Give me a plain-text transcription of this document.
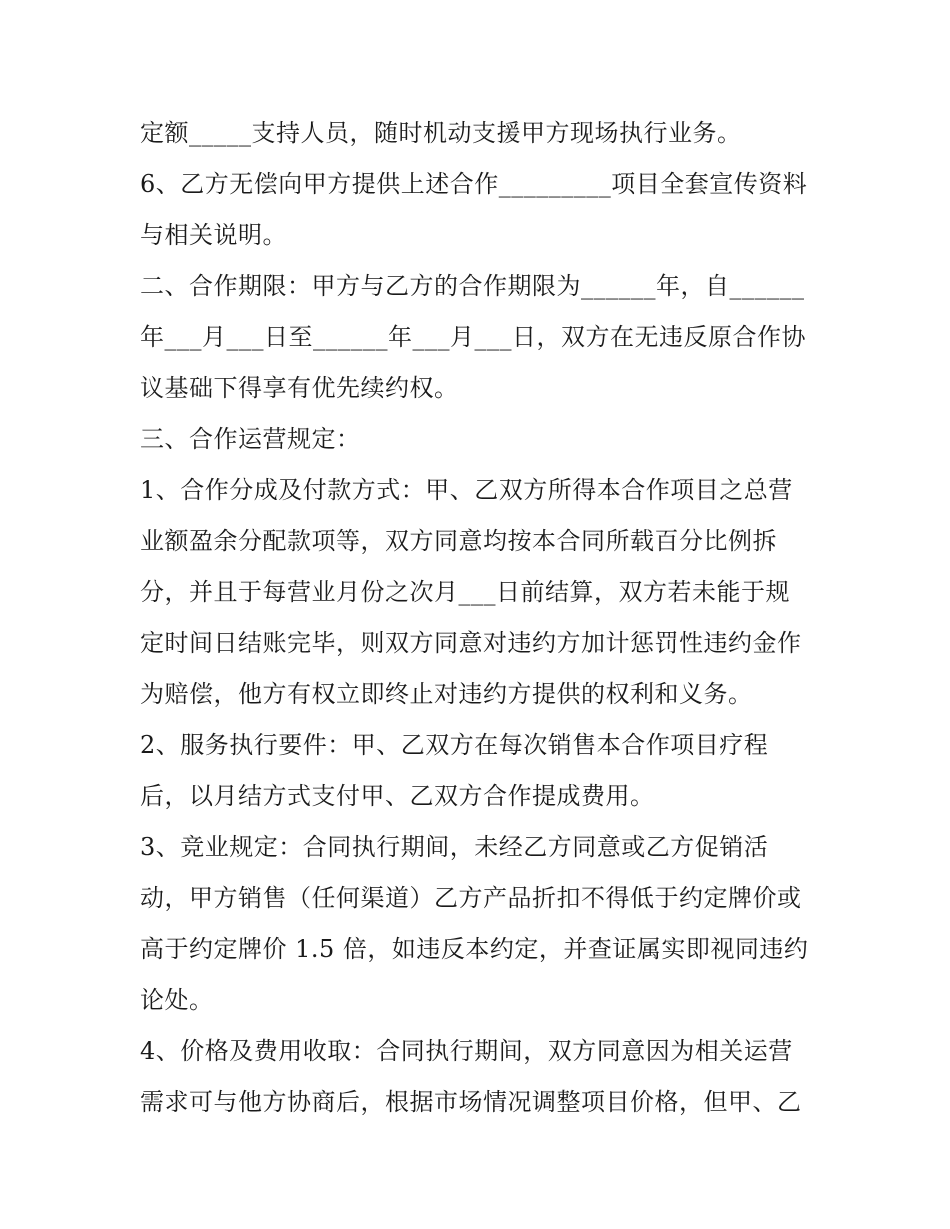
定额_____支持人员，随时机动支援甲方现场执行业务。
6、乙方无偿向甲方提供上述合作_________项目全套宣传资料
与相关说明。
二、合作期限：甲方与乙方的合作期限为______年，自______
年___月___日至______年___月___日，双方在无违反原合作协
议基础下得享有优先续约权。
三、合作运营规定：
1、合作分成及付款方式：甲、乙双方所得本合作项目之总营
业额盈余分配款项等，双方同意均按本合同所载百分比例拆
分，并且于每营业月份之次月___日前结算，双方若未能于规
定时间日结账完毕，则双方同意对违约方加计惩罚性违约金作
为赔偿，他方有权立即终止对违约方提供的权利和义务。
2、服务执行要件：甲、乙双方在每次销售本合作项目疗程
后，以月结方式支付甲、乙双方合作提成费用。
3、竞业规定：合同执行期间，未经乙方同意或乙方促销活
动，甲方销售（任何渠道）乙方产品折扣不得低于约定牌价或
高于约定牌价 1.5 倍，如违反本约定，并查证属实即视同违约
论处。
4、价格及费用收取：合同执行期间，双方同意因为相关运营
需求可与他方协商后，根据市场情况调整项目价格，但甲、乙
